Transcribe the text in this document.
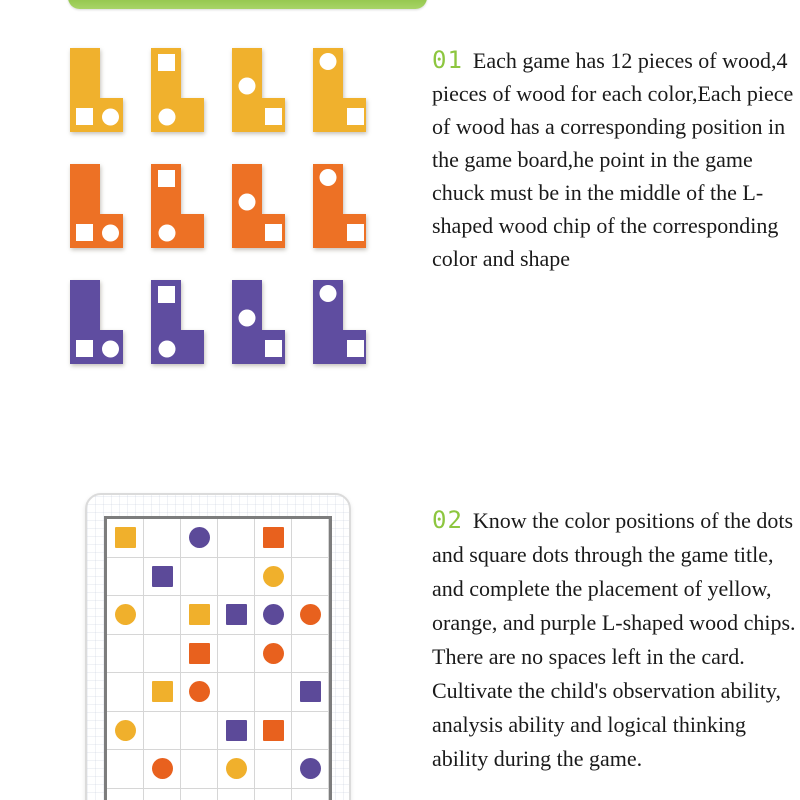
01 Each game has 12 pieces of wood,4 pieces of wood for each color,Each piece of wood has a corresponding position in the game board,he point in the game chuck must be in the middle of the L-shaped wood chip of the corresponding color and shape
02 Know the color positions of the dots and square dots through the game title, and complete the placement of yellow, orange, and purple L-shaped wood chips. There are no spaces left in the card. Cultivate the child's observation ability, analysis ability and logical thinking ability during the game.
